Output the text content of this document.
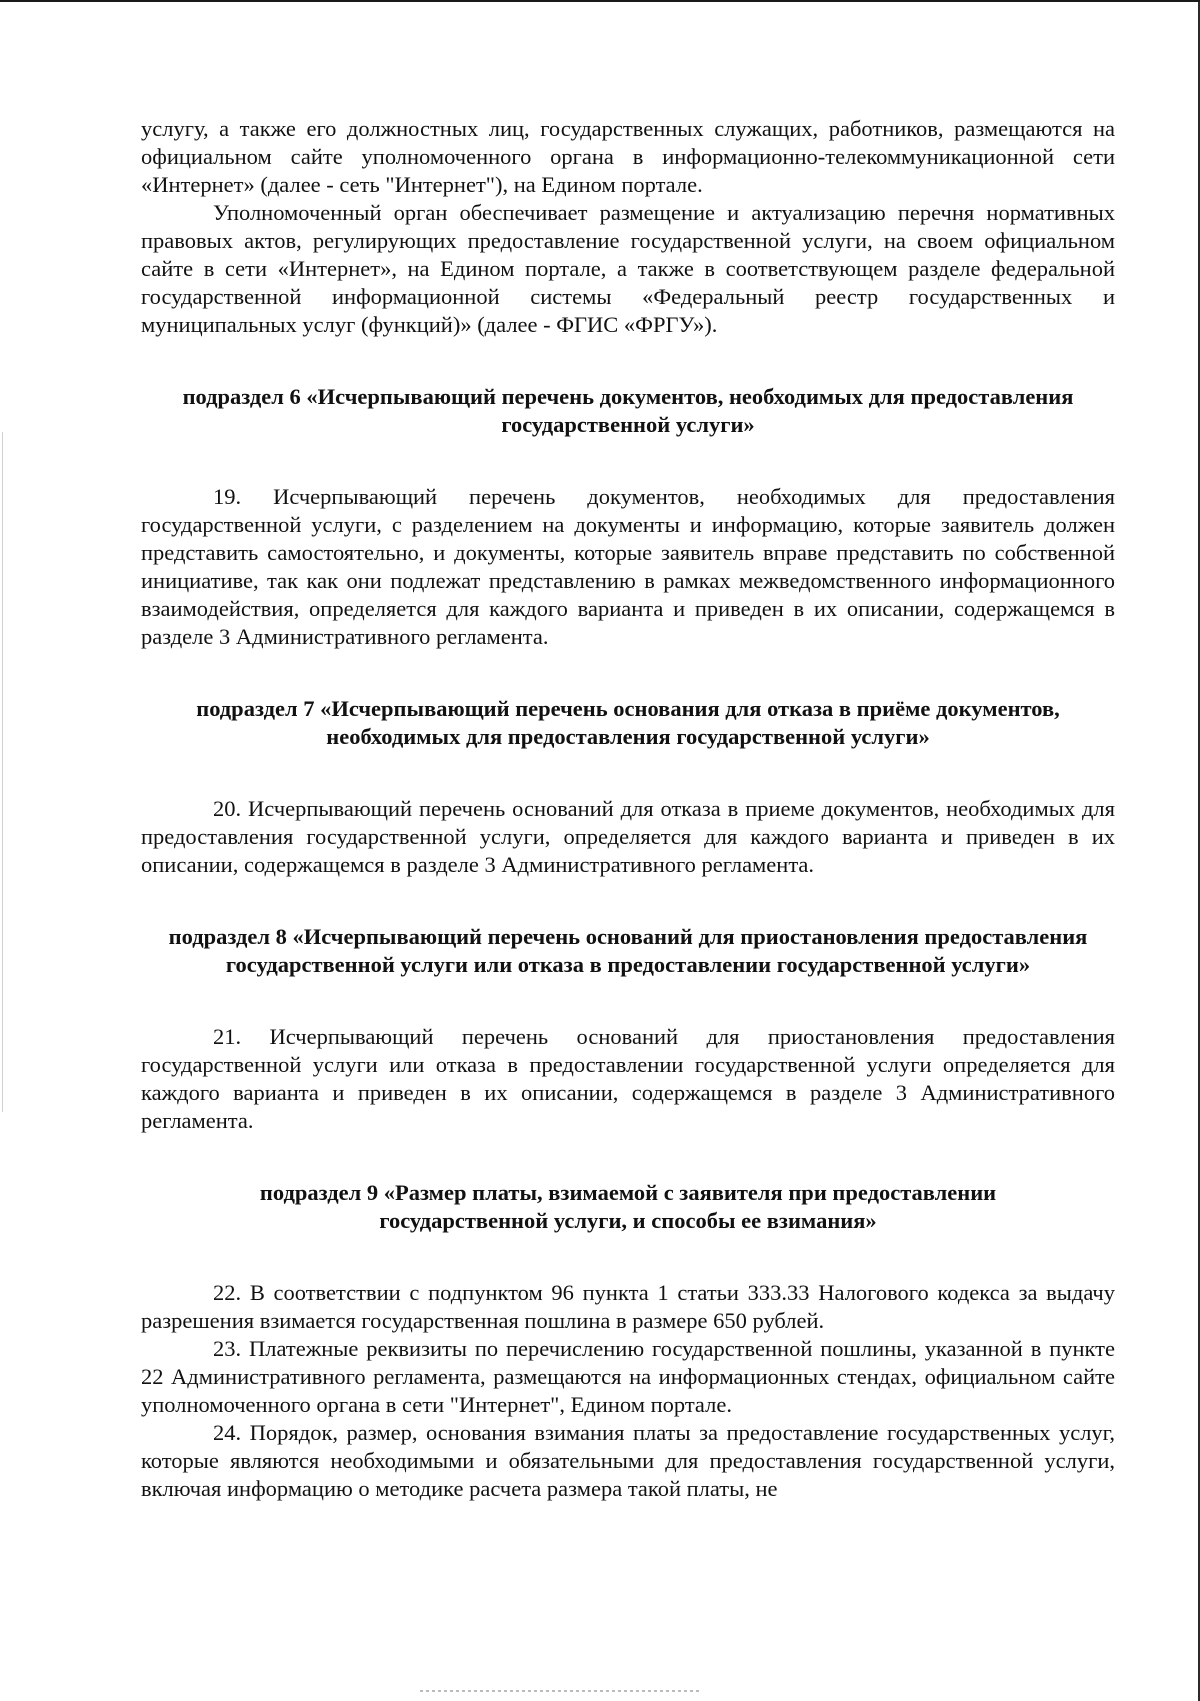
услугу, а также его должностных лиц, государственных служащих, работников, размещаются на официальном сайте уполномоченного органа в информационно-телекоммуникационной сети «Интернет» (далее - сеть "Интернет"), на Едином портале.

Уполномоченный орган обеспечивает размещение и актуализацию перечня нормативных правовых актов, регулирующих предоставление государственной услуги, на своем официальном сайте в сети «Интернет», на Едином портале, а также в соответствующем разделе федеральной государственной информационной системы «Федеральный реестр государственных и муниципальных услуг (функций)» (далее - ФГИС «ФРГУ»).

подраздел 6 «Исчерпывающий перечень документов, необходимых для предоставления государственной услуги»

19. Исчерпывающий перечень документов, необходимых для предоставления государственной услуги, с разделением на документы и информацию, которые заявитель должен представить самостоятельно, и документы, которые заявитель вправе представить по собственной инициативе, так как они подлежат представлению в рамках межведомственного информационного взаимодействия, определяется для каждого варианта и приведен в их описании, содержащемся в разделе 3 Административного регламента.

подраздел 7 «Исчерпывающий перечень основания для отказа в приёме документов, необходимых для предоставления государственной услуги»

20. Исчерпывающий перечень оснований для отказа в приеме документов, необходимых для предоставления государственной услуги, определяется для каждого варианта и приведен в их описании, содержащемся в разделе 3 Административного регламента.

подраздел 8 «Исчерпывающий перечень оснований для приостановления предоставления государственной услуги или отказа в предоставлении государственной услуги»

21. Исчерпывающий перечень оснований для приостановления предоставления государственной услуги или отказа в предоставлении государственной услуги определяется для каждого варианта и приведен в их описании, содержащемся в разделе 3 Административного регламента.

подраздел 9 «Размер платы, взимаемой с заявителя при предоставлении государственной услуги, и способы ее взимания»

22. В соответствии с подпунктом 96 пункта 1 статьи 333.33 Налогового кодекса за выдачу разрешения взимается государственная пошлина в размере 650 рублей.

23. Платежные реквизиты по перечислению государственной пошлины, указанной в пункте 22 Административного регламента, размещаются на информационных стендах, официальном сайте уполномоченного органа в сети "Интернет", Едином портале.

24. Порядок, размер, основания взимания платы за предоставление государственных услуг, которые являются необходимыми и обязательными для предоставления государственной услуги, включая информацию о методике расчета размера такой платы, не
